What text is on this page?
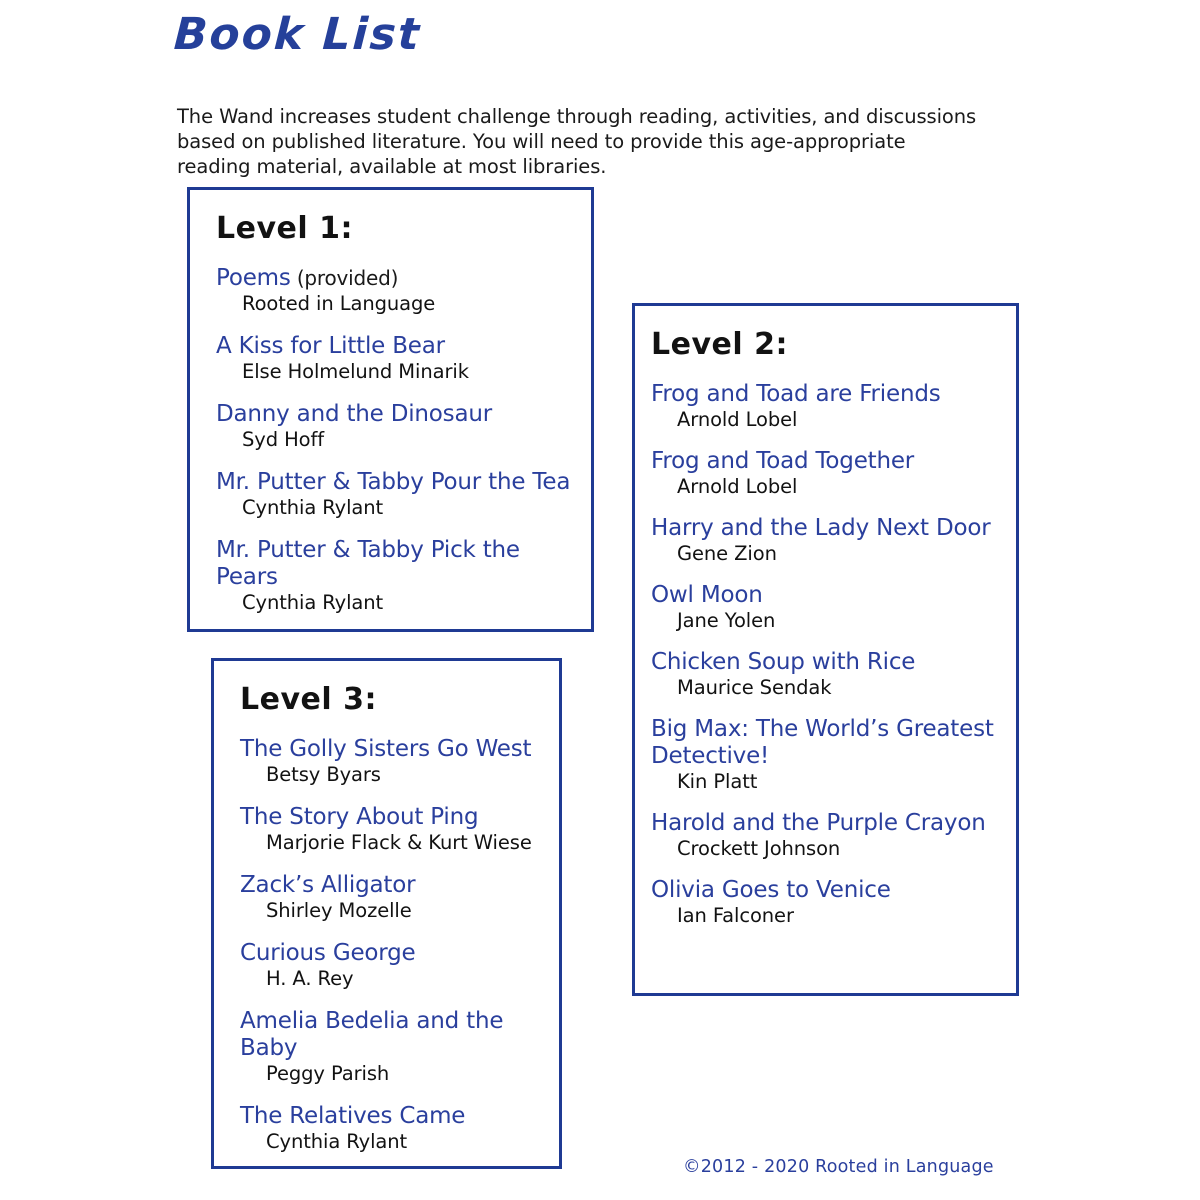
Book List

The Wand increases student challenge through reading, activities, and discussions based on published literature. You will need to provide this age-appropriate reading material, available at most libraries.

Level 1:
Poems (provided)
Rooted in Language
A Kiss for Little Bear
Else Holmelund Minarik
Danny and the Dinosaur
Syd Hoff
Mr. Putter & Tabby Pour the Tea
Cynthia Rylant
Mr. Putter & Tabby Pick the Pears
Cynthia Rylant
Level 2:
Frog and Toad are Friends
Arnold Lobel
Frog and Toad Together
Arnold Lobel
Harry and the Lady Next Door
Gene Zion
Owl Moon
Jane Yolen
Chicken Soup with Rice
Maurice Sendak
Big Max: The World’s Greatest Detective!
Kin Platt
Harold and the Purple Crayon
Crockett Johnson
Olivia Goes to Venice
Ian Falconer
Level 3:
The Golly Sisters Go West
Betsy Byars
The Story About Ping
Marjorie Flack & Kurt Wiese
Zack’s Alligator
Shirley Mozelle
Curious George
H. A. Rey
Amelia Bedelia and the Baby
Peggy Parish
The Relatives Came
Cynthia Rylant
©2012 - 2020 Rooted in Language
